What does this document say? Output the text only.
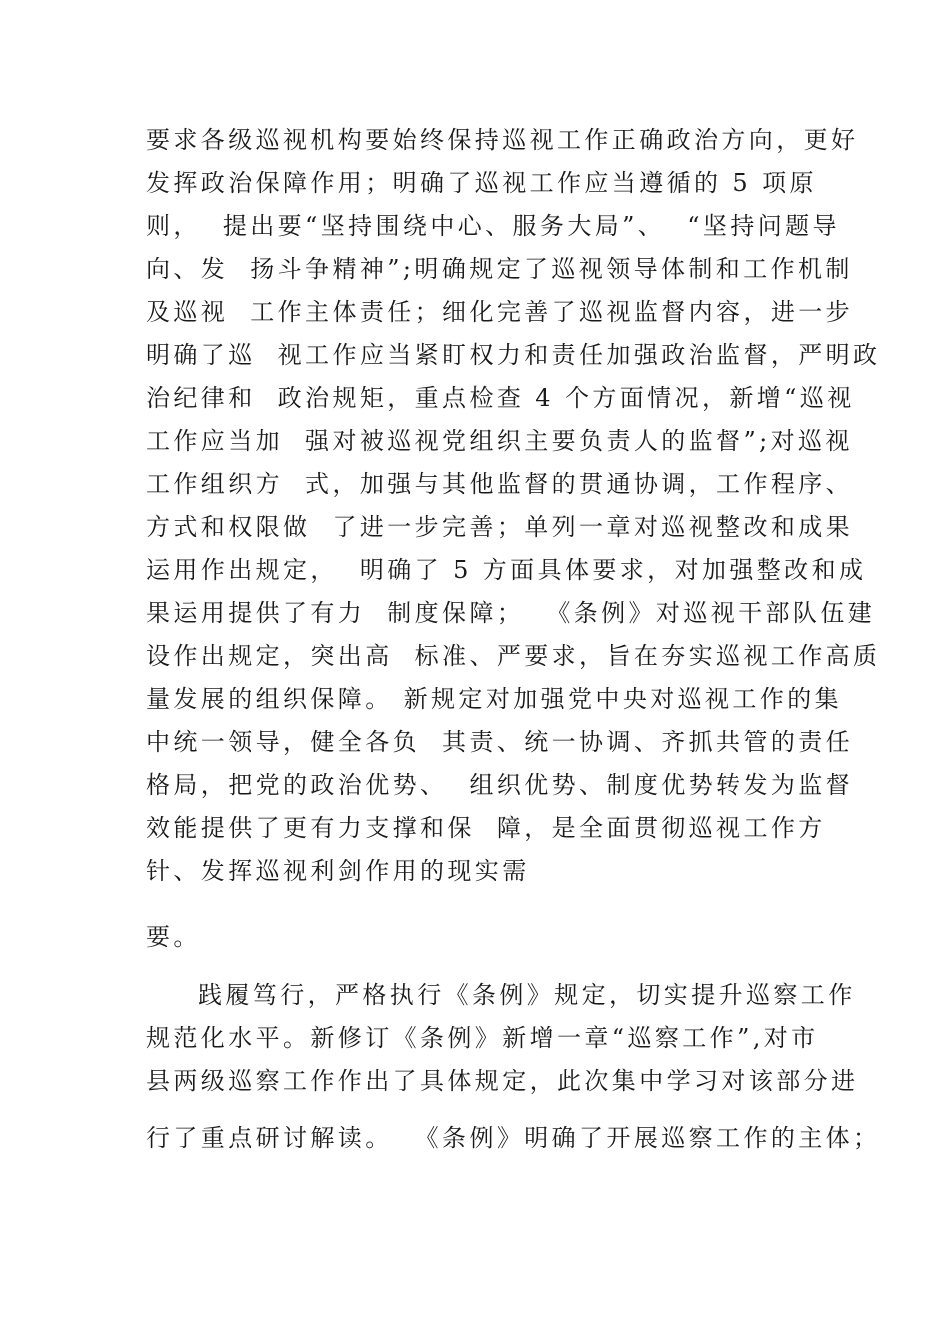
要求各级巡视机构要始终保持巡视工作正确政治方向，更好
发挥政治保障作用；明确了巡视工作应当遵循的 5 项原
则，  提出要“坚持围绕中心、服务大局”、  “坚持问题导
向、发  扬斗争精神”;明确规定了巡视领导体制和工作机制
及巡视  工作主体责任；细化完善了巡视监督内容，进一步
明确了巡  视工作应当紧盯权力和责任加强政治监督，严明政
治纪律和  政治规矩，重点检查 4 个方面情况，新增“巡视
工作应当加  强对被巡视党组织主要负责人的监督”;对巡视
工作组织方  式，加强与其他监督的贯通协调，工作程序、
方式和权限做  了进一步完善；单列一章对巡视整改和成果
运用作出规定，  明确了 5 方面具体要求，对加强整改和成
果运用提供了有力  制度保障；  《条例》对巡视干部队伍建
设作出规定，突出高  标准、严要求，旨在夯实巡视工作高质
量发展的组织保障。 新规定对加强党中央对巡视工作的集
中统一领导，健全各负  其责、统一协调、齐抓共管的责任
格局，把党的政治优势、  组织优势、制度优势转发为监督
效能提供了更有力支撑和保  障，是全面贯彻巡视工作方
针、发挥巡视利剑作用的现实需
要。
践履笃行，严格执行《条例》规定，切实提升巡察工作
规范化水平。新修订《条例》新增一章“巡察工作”,对市
县两级巡察工作作出了具体规定，此次集中学习对该部分进
行了重点研讨解读。  《条例》明确了开展巡察工作的主体；
